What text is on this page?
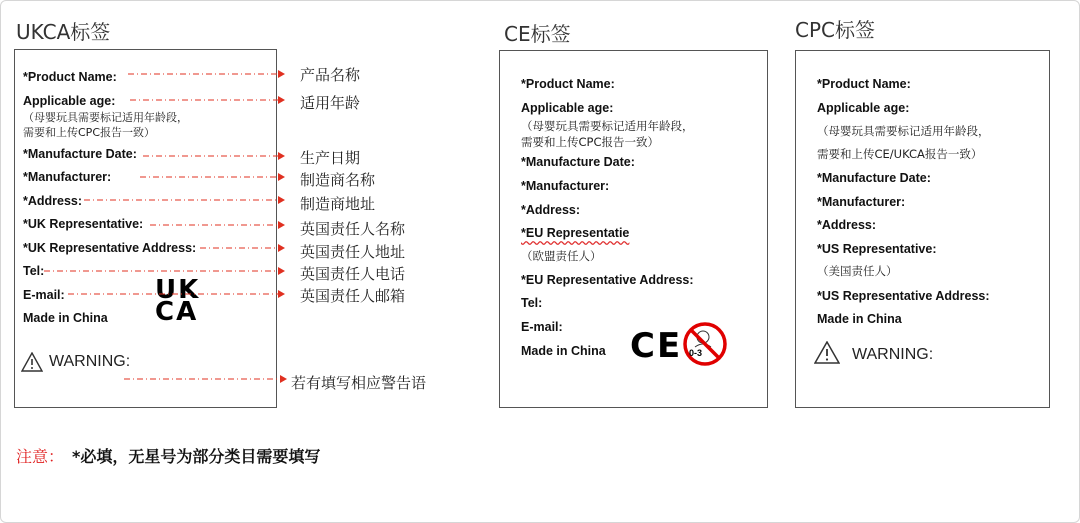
UKCA标签	CE标签	CPC标签
*Product Name:
Applicable age:
（母婴玩具需要标记适用年龄段，
需要和上传CPC报告一致）
*Manufacture Date:
*Manufacturer:
*Address:
*UK Representative:
*UK Representative Address:
Tel:
E-mail:
Made in China
UK
CA
WARNING:
产品名称
适用年龄
生产日期
制造商名称
制造商地址
英国责任人名称
英国责任人地址
英国责任人电话
英国责任人邮箱
若有填写相应警告语
*Product Name:
Applicable age:
（母婴玩具需要标记适用年龄段，
需要和上传CPC报告一致）
*Manufacture Date:
*Manufacturer:
*Address:
*EU Representatie
（欧盟责任人）
*EU Representative Address:
Tel:
E-mail:
Made in China CE 0-3
*Product Name:
Applicable age:
（母婴玩具需要标记适用年龄段，
需要和上传CE/UKCA报告一致）
*Manufacture Date:
*Manufacturer:
*Address:
*US Representative:
（美国责任人）
*US Representative Address:
Made in China
WARNING:
注意： *必填，无星号为部分类目需要填写
